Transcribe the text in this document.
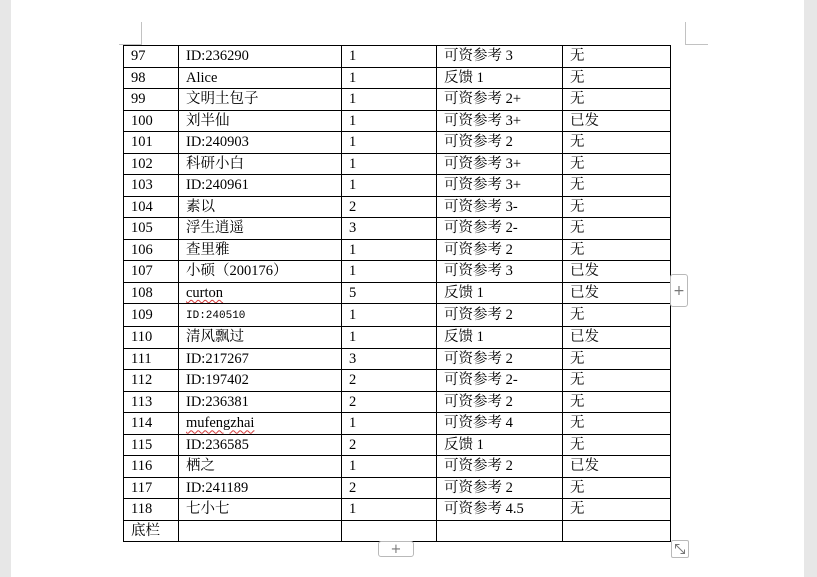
97	ID:236290	1	可资参考 3	无
98	Alice	1	反馈 1	无
99	文明土包子	1	可资参考 2+	无
100	刘半仙	1	可资参考 3+	已发
101	ID:240903	1	可资参考 2	无
102	科研小白	1	可资参考 3+	无
103	ID:240961	1	可资参考 3+	无
104	素以	2	可资参考 3-	无
105	浮生逍遥	3	可资参考 2-	无
106	查里雅	1	可资参考 2	无
107	小硕（200176）	1	可资参考 3	已发
108	curton	5	反馈 1	已发
109	ID:240510	1	可资参考 2	无
110	清风飘过	1	反馈 1	已发
111	ID:217267	3	可资参考 2	无
112	ID:197402	2	可资参考 2-	无
113	ID:236381	2	可资参考 2	无
114	mufengzhai	1	可资参考 4	无
115	ID:236585	2	反馈 1	无
116	栖之	1	可资参考 2	已发
117	ID:241189	2	可资参考 2	无
118	七小七	1	可资参考 4.5	无
底栏				
+
+
